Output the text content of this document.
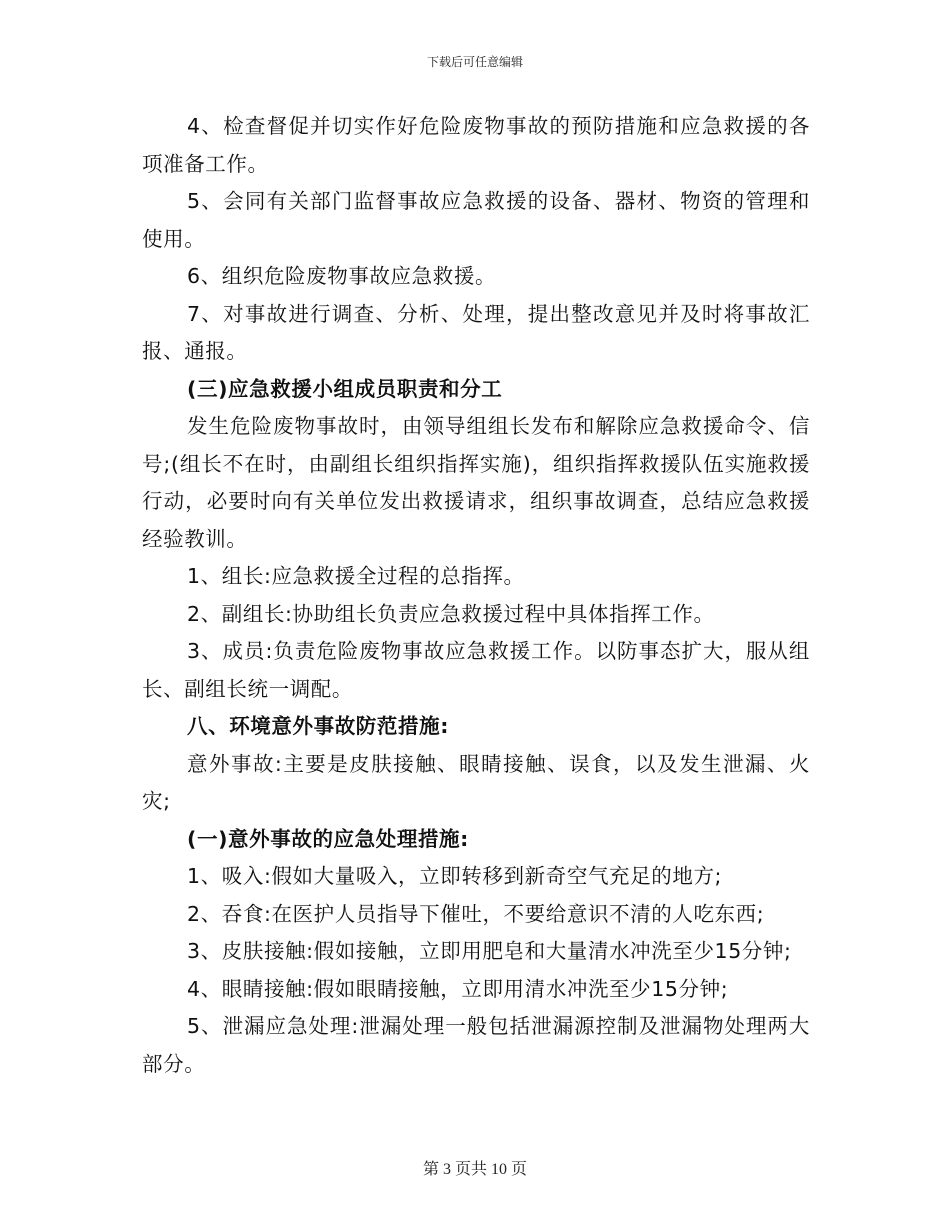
下载后可任意编辑

4、检查督促并切实作好危险废物事故的预防措施和应急救援的各项准备工作。

5、会同有关部门监督事故应急救援的设备、器材、物资的管理和使用。

6、组织危险废物事故应急救援。

7、对事故进行调查、分析、处理，提出整改意见并及时将事故汇报、通报。

(三)应急救援小组成员职责和分工

发生危险废物事故时，由领导组组长发布和解除应急救援命令、信号;(组长不在时，由副组长组织指挥实施)，组织指挥救援队伍实施救援行动，必要时向有关单位发出救援请求，组织事故调查，总结应急救援经验教训。

1、组长:应急救援全过程的总指挥。

2、副组长:协助组长负责应急救援过程中具体指挥工作。

3、成员:负责危险废物事故应急救援工作。以防事态扩大，服从组长、副组长统一调配。

八、环境意外事故防范措施:

意外事故:主要是皮肤接触、眼睛接触、误食，以及发生泄漏、火灾;

(一)意外事故的应急处理措施:

1、吸入:假如大量吸入，立即转移到新奇空气充足的地方;

2、吞食:在医护人员指导下催吐，不要给意识不清的人吃东西;

3、皮肤接触:假如接触，立即用肥皂和大量清水冲洗至少15分钟;

4、眼睛接触:假如眼睛接触，立即用清水冲洗至少15分钟;

5、泄漏应急处理:泄漏处理一般包括泄漏源控制及泄漏物处理两大部分。

第 3 页共 10 页
